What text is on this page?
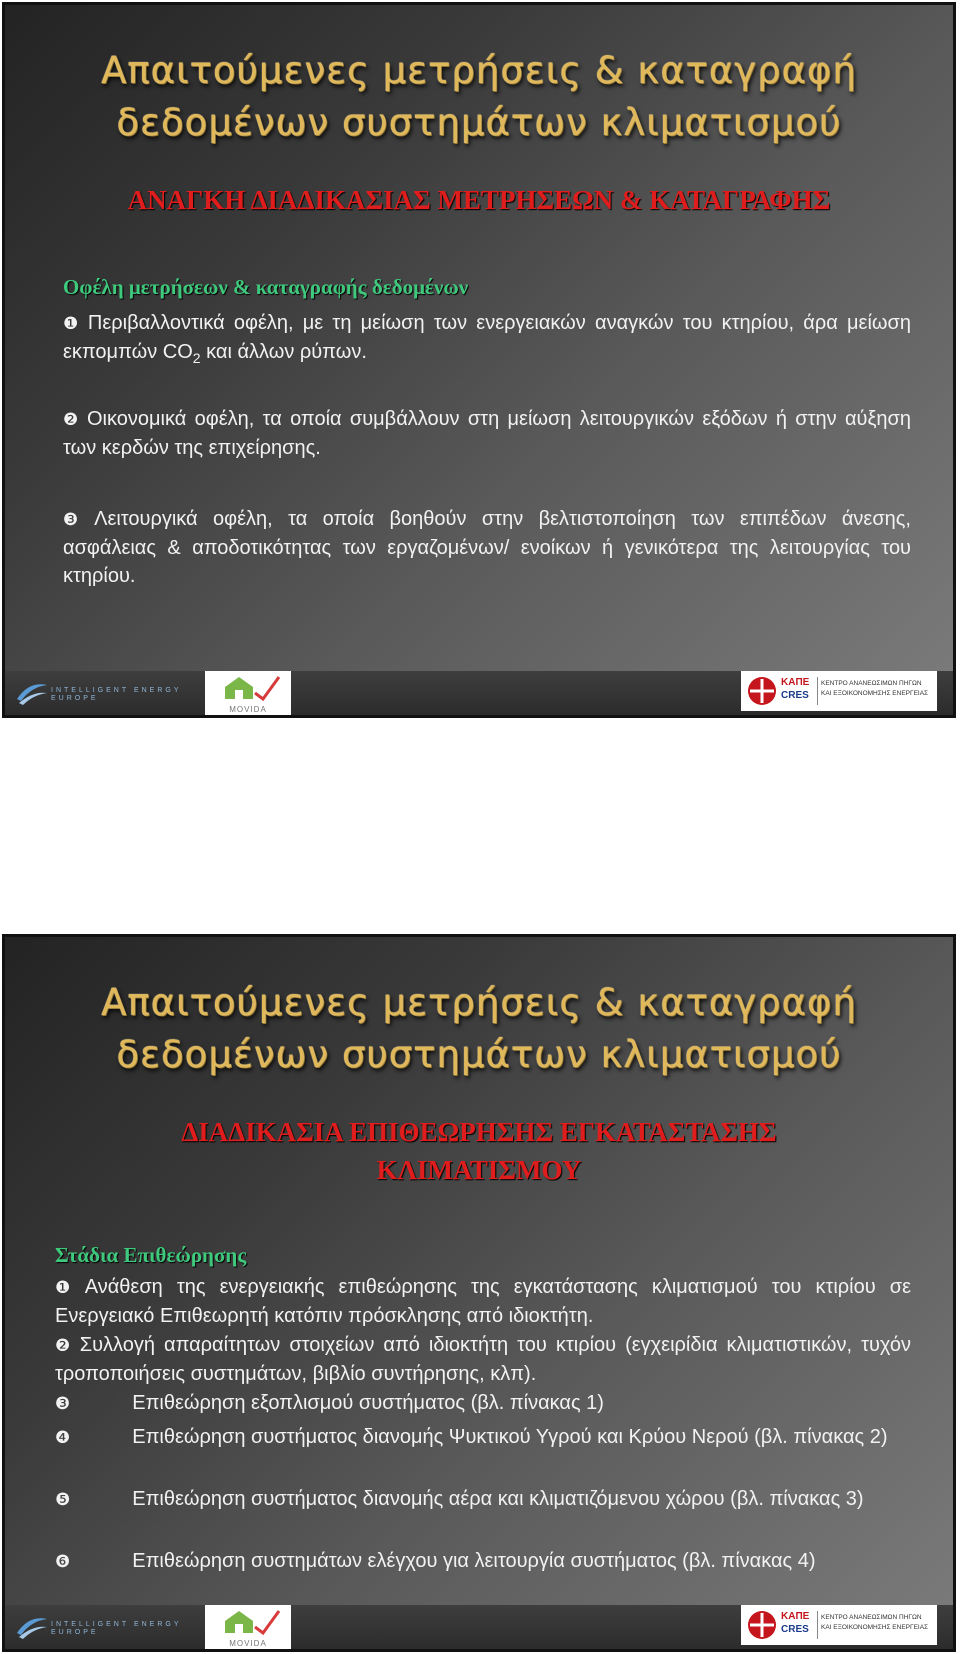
Απαιτούμενες μετρήσεις & καταγραφή
δεδομένων συστημάτων κλιματισμού
ΑΝΑΓΚΗ ΔΙΑΔΙΚΑΣΙΑΣ ΜΕΤΡΗΣΕΩΝ & ΚΑΤΑΓΡΑΦΗΣ
Οφέλη μετρήσεων & καταγραφής δεδομένων
❶ Περιβαλλοντικά οφέλη, με τη μείωση των ενεργειακών αναγκών του κτηρίου, άρα μείωση εκπομπών $CO_2$ και άλλων ρύπων.
❷ Οικονομικά οφέλη, τα οποία συμβάλλουν στη μείωση λειτουργικών εξόδων ή στην αύξηση των κερδών της επιχείρησης.
❸ Λειτουργικά οφέλη, τα οποία βοηθούν στην βελτιστοποίηση των επιπέδων άνεσης, ασφάλειας & αποδοτικότητας των εργαζομένων/ ενοίκων ή γενικότερα της λειτουργίας του κτηρίου.
INTELLIGENT ENERGY EUROPE
MOVIDA
ΚΑΠΕ
CRES
ΚΕΝΤΡΟ ΑΝΑΝΕΩΣΙΜΩΝ ΠΗΓΩΝ
ΚΑΙ ΕΞΟΙΚΟΝΟΜΗΣΗΣ ΕΝΕΡΓΕΙΑΣ
Απαιτούμενες μετρήσεις & καταγραφή
δεδομένων συστημάτων κλιματισμού
ΔΙΑΔΙΚΑΣΙΑ ΕΠΙΘΕΩΡΗΣΗΣ ΕΓΚΑΤΑΣΤΑΣΗΣ
ΚΛΙΜΑΤΙΣΜΟΥ
Στάδια Επιθεώρησης
❶ Ανάθεση της ενεργειακής επιθεώρησης της εγκατάστασης κλιματισμού του κτιρίου σε Ενεργειακό Επιθεωρητή κατόπιν πρόσκλησης από ιδιοκτήτη.
❷ Συλλογή απαραίτητων στοιχείων από ιδιοκτήτη του κτιρίου (εγχειρίδια κλιματιστικών, τυχόν τροποποιήσεις συστημάτων, βιβλίο συντήρησης, κλπ).
❸	Επιθεώρηση εξοπλισμού συστήματος (βλ. πίνακας 1)
❹	Επιθεώρηση συστήματος διανομής Ψυκτικού Υγρού και Κρύου Νερού (βλ. πίνακας 2)
❺	Επιθεώρηση συστήματος διανομής αέρα και κλιματιζόμενου χώρου (βλ. πίνακας 3)
❻	Επιθεώρηση συστημάτων ελέγχου για λειτουργία συστήματος (βλ. πίνακας 4)
INTELLIGENT ENERGY EUROPE
MOVIDA
ΚΑΠΕ
CRES
ΚΕΝΤΡΟ ΑΝΑΝΕΩΣΙΜΩΝ ΠΗΓΩΝ
ΚΑΙ ΕΞΟΙΚΟΝΟΜΗΣΗΣ ΕΝΕΡΓΕΙΑΣ
